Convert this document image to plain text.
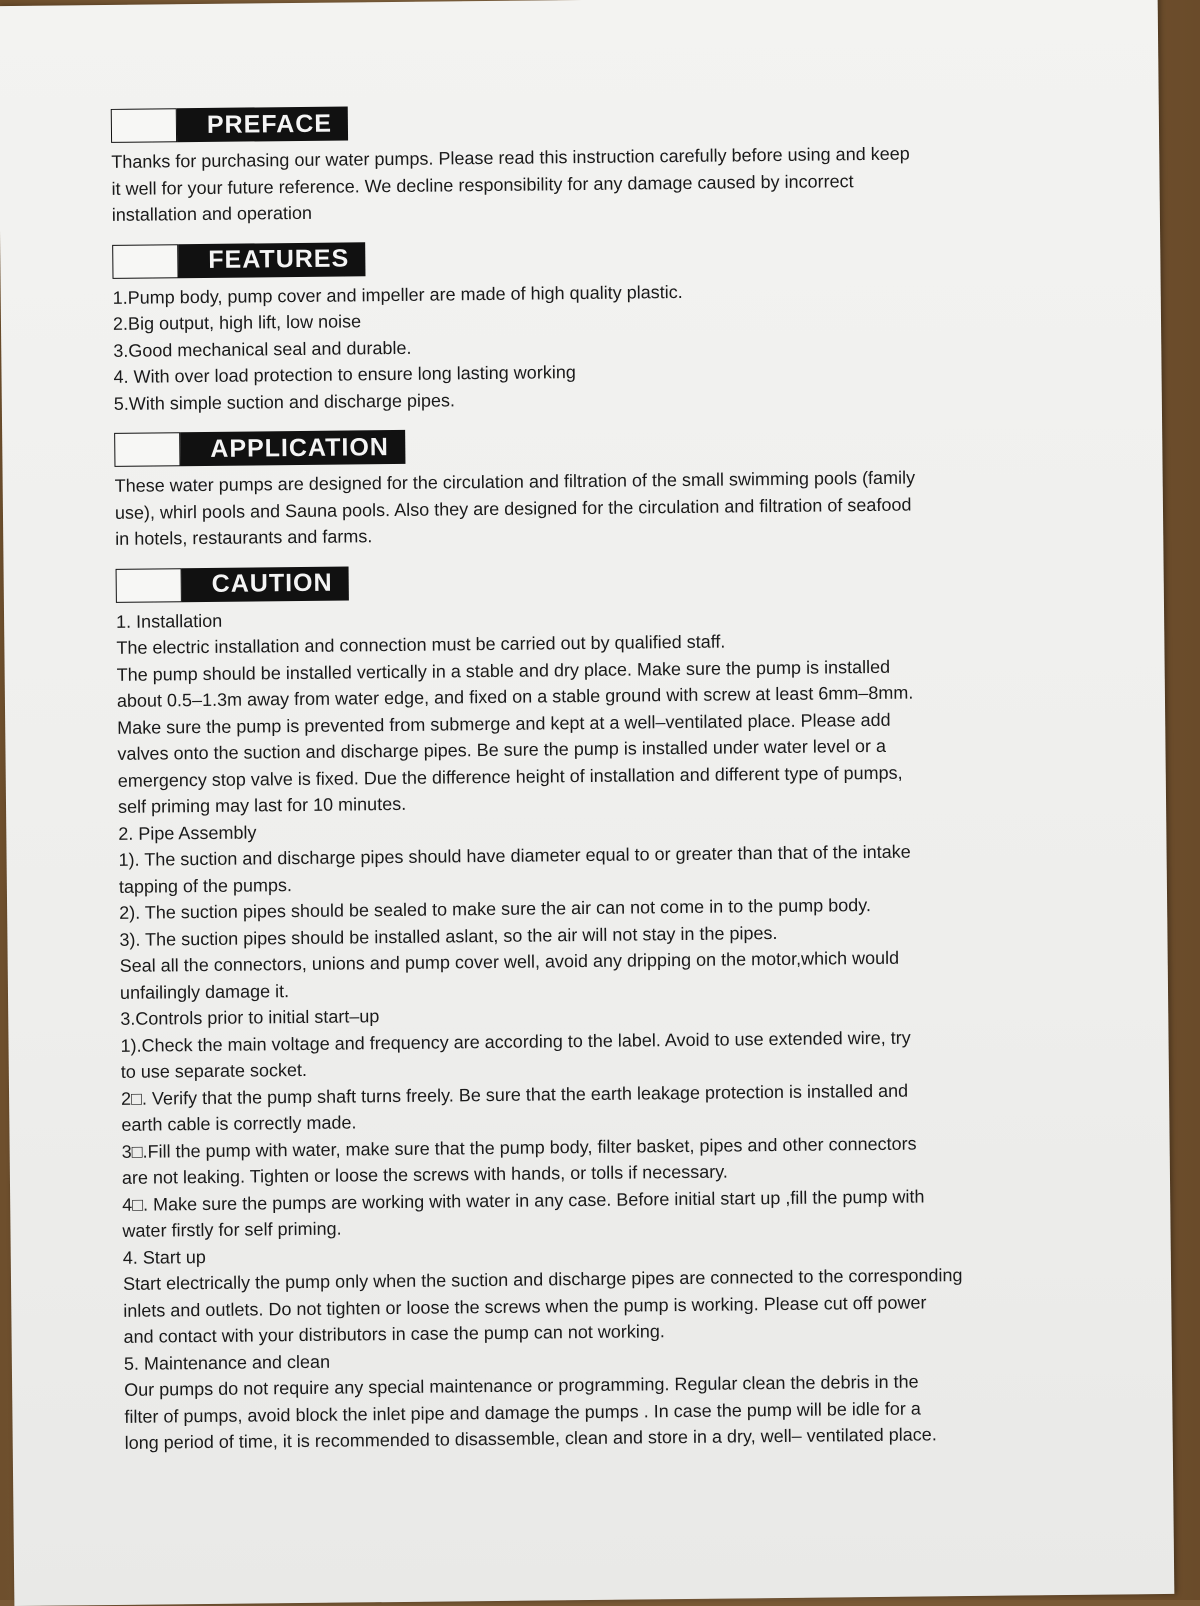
PREFACE

Thanks for purchasing our water pumps. Please read this instruction carefully before using and keep

it well for your future reference. We decline responsibility for any damage caused by incorrect

installation and operation

FEATURES

1.Pump body, pump cover and impeller are made of high quality plastic.

2.Big output, high lift, low noise

3.Good mechanical seal and durable.

4. With over load protection to ensure long lasting working

5.With simple suction and discharge pipes.

APPLICATION

These water pumps are designed for the circulation and filtration of the small swimming pools (family

use), whirl pools and Sauna pools. Also they are designed for the circulation and filtration of seafood

in hotels, restaurants and farms.

CAUTION

1. Installation

The electric installation and connection must be carried out by qualified staff.

The pump should be installed vertically in a stable and dry place. Make sure the pump is installed

about 0.5–1.3m away from water edge, and fixed on a stable ground with screw at least 6mm–8mm.

Make sure the pump is prevented from submerge and kept at a well–ventilated place. Please add

valves onto the suction and discharge pipes. Be sure the pump is installed under water level or a

emergency stop valve is fixed. Due the difference height of installation and different type of pumps,

self priming may last for 10 minutes.

2. Pipe Assembly

1). The suction and discharge pipes should have diameter equal to or greater than that of the intake

tapping of the pumps.

2). The suction pipes should be sealed to make sure the air can not come in to the pump body.

3). The suction pipes should be installed aslant, so the air will not stay in the pipes.

Seal all the connectors, unions and pump cover well, avoid any dripping on the motor,which would

unfailingly damage it.

3.Controls prior to initial start–up

1).Check the main voltage and frequency are according to the label. Avoid to use extended wire, try

to use separate socket.

2□. Verify that the pump shaft turns freely. Be sure that the earth leakage protection is installed and

earth cable is correctly made.

3□.Fill the pump with water, make sure that the pump body, filter basket, pipes and other connectors

are not leaking. Tighten or loose the screws with hands, or tolls if necessary.

4□. Make sure the pumps are working with water in any case. Before initial start up ,fill the pump with

water firstly for self priming.

4. Start up

Start electrically the pump only when the suction and discharge pipes are connected to the corresponding

inlets and outlets. Do not tighten or loose the screws when the pump is working. Please cut off power

and contact with your distributors in case the pump can not working.

5. Maintenance and clean

Our pumps do not require any special maintenance or programming. Regular clean the debris in the

filter of pumps, avoid block the inlet pipe and damage the pumps . In case the pump will be idle for a

long period of time, it is recommended to disassemble, clean and store in a dry, well– ventilated place.
